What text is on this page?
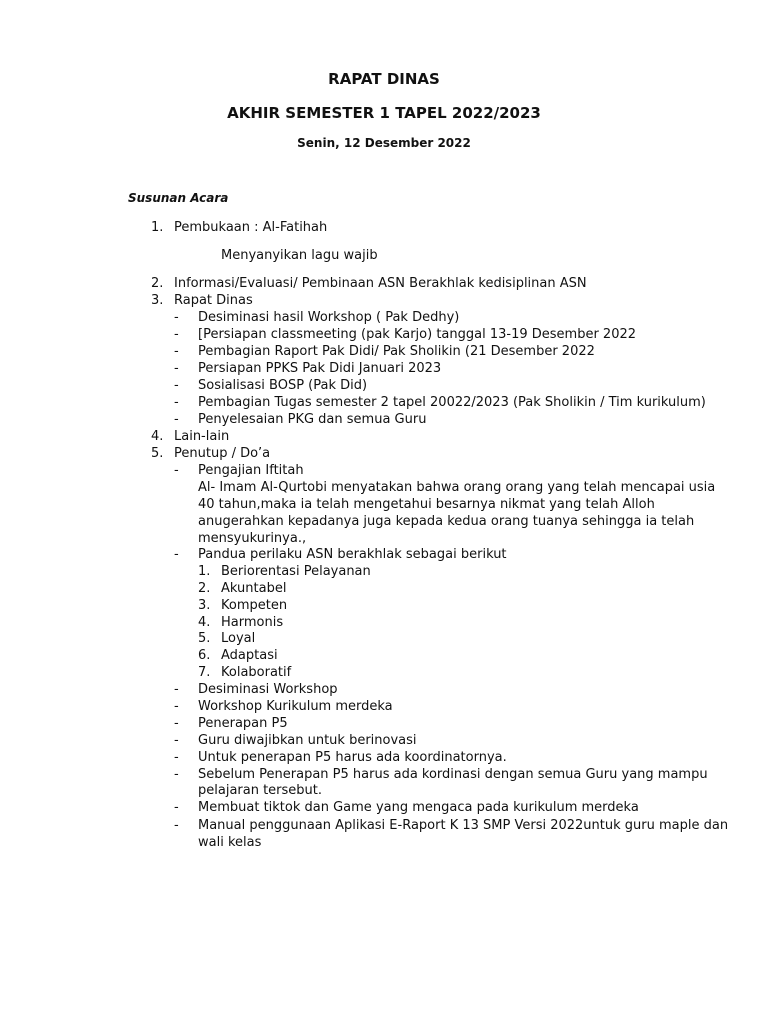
RAPAT DINAS
AKHIR SEMESTER 1 TAPEL 2022/2023
Senin, 12 Desember 2022
Susunan Acara
1. Pembukaan : Al-Fatihah
Menyanyikan lagu wajib
2. Informasi/Evaluasi/ Pembinaan ASN Berakhlak kedisiplinan ASN
3. Rapat Dinas
-	Desiminasi hasil Workshop ( Pak Dedhy)
-	[Persiapan classmeeting (pak Karjo) tanggal 13-19 Desember 2022
-	Pembagian Raport Pak Didi/ Pak Sholikin (21 Desember 2022
-	Persiapan PPKS Pak Didi Januari 2023
-	Sosialisasi BOSP (Pak Did)
-	Pembagian Tugas semester 2 tapel 20022/2023 (Pak Sholikin / Tim kurikulum)
-	Penyelesaian PKG dan semua Guru
4. Lain-lain
5. Penutup / Do’a
-	Pengajian Iftitah
Al- Imam Al-Qurtobi menyatakan bahwa orang orang yang telah mencapai usia
40 tahun,maka ia telah mengetahui besarnya nikmat yang telah Alloh
anugerahkan kepadanya juga kepada kedua orang tuanya sehingga ia telah
mensyukurinya.,
-	Pandua perilaku ASN berakhlak sebagai berikut
1. Beriorentasi Pelayanan
2. Akuntabel
3. Kompeten
4. Harmonis
5. Loyal
6. Adaptasi
7. Kolaboratif
-	Desiminasi Workshop
-	Workshop Kurikulum merdeka
-	Penerapan P5
-	Guru diwajibkan untuk berinovasi
-	Untuk penerapan P5 harus ada koordinatornya.
-	Sebelum Penerapan P5 harus ada kordinasi dengan semua Guru yang mampu
pelajaran tersebut.
-	Membuat tiktok dan Game yang mengaca pada kurikulum merdeka
-	Manual penggunaan Aplikasi E-Raport K 13 SMP Versi 2022untuk guru maple dan
wali kelas
